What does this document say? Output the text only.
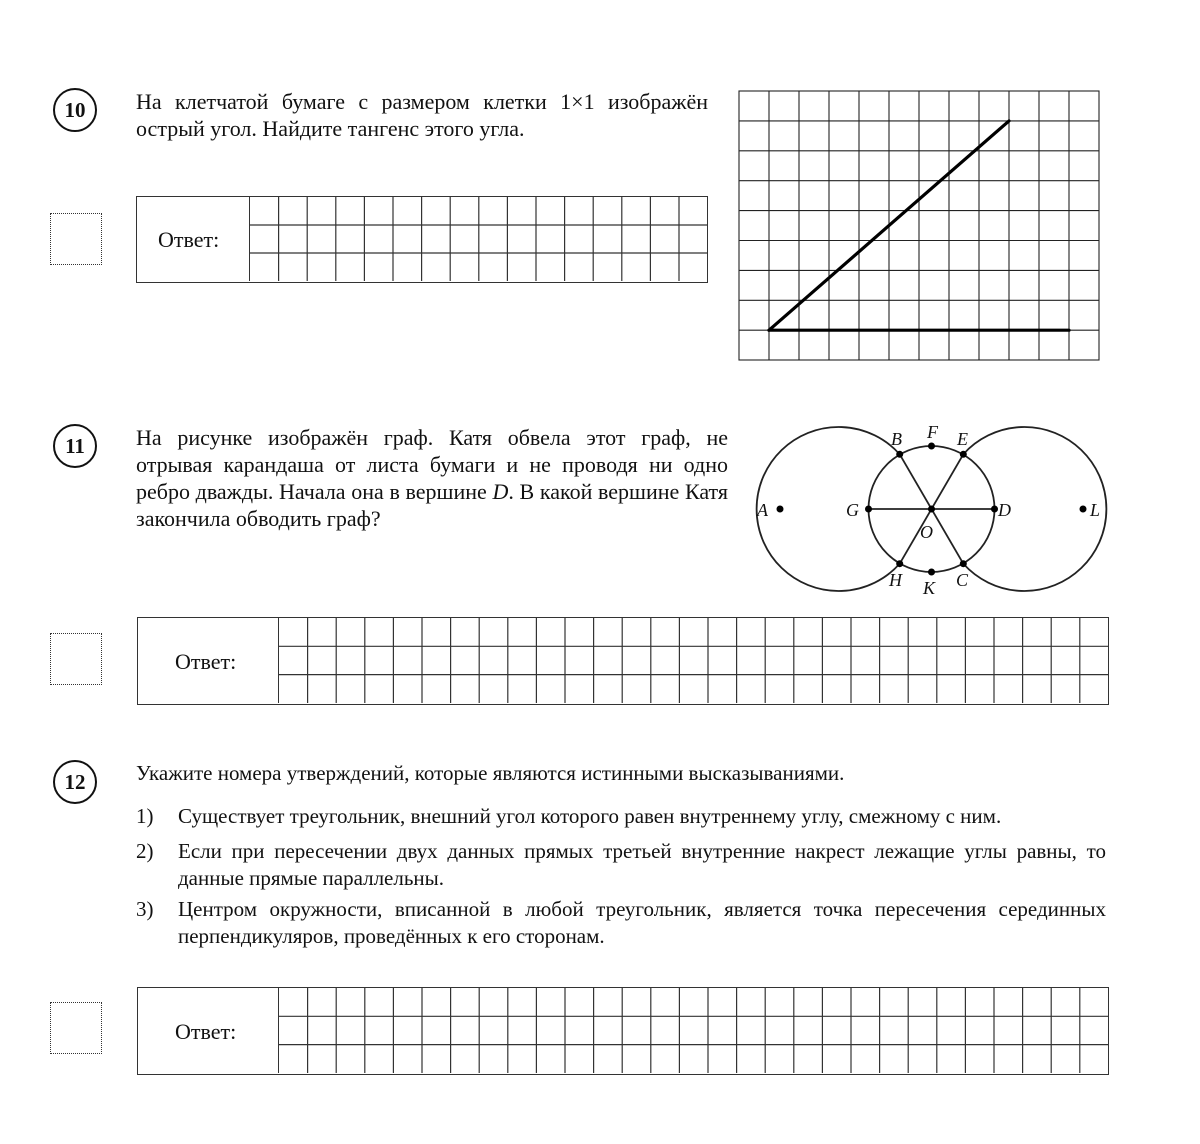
10	На клетчатой бумаге с размером клетки 1×1 изображён острый угол. Найдите тангенс этого угла.
Ответ:
11	На рисунке изображён граф. Катя обвела этот граф, не отрывая карандаша от листа бумаги и не проводя ни одно ребро дважды. Начала она в вершине D. В какой вершине Катя закончила обводить граф?	A
B F E
G
O
D	L
H K C
Ответ:
12	Укажите номера утверждений, которые являются истинными высказываниями.
1) Существует треугольник, внешний угол которого равен внутреннему углу, смежному с ним.
2) Если при пересечении двух данных прямых третьей внутренние накрест лежащие углы равны, то данные прямые параллельны.
3) Центром окружности, вписанной в любой треугольник, является точка пересечения серединных перпендикуляров, проведённых к его сторонам.
Ответ:
